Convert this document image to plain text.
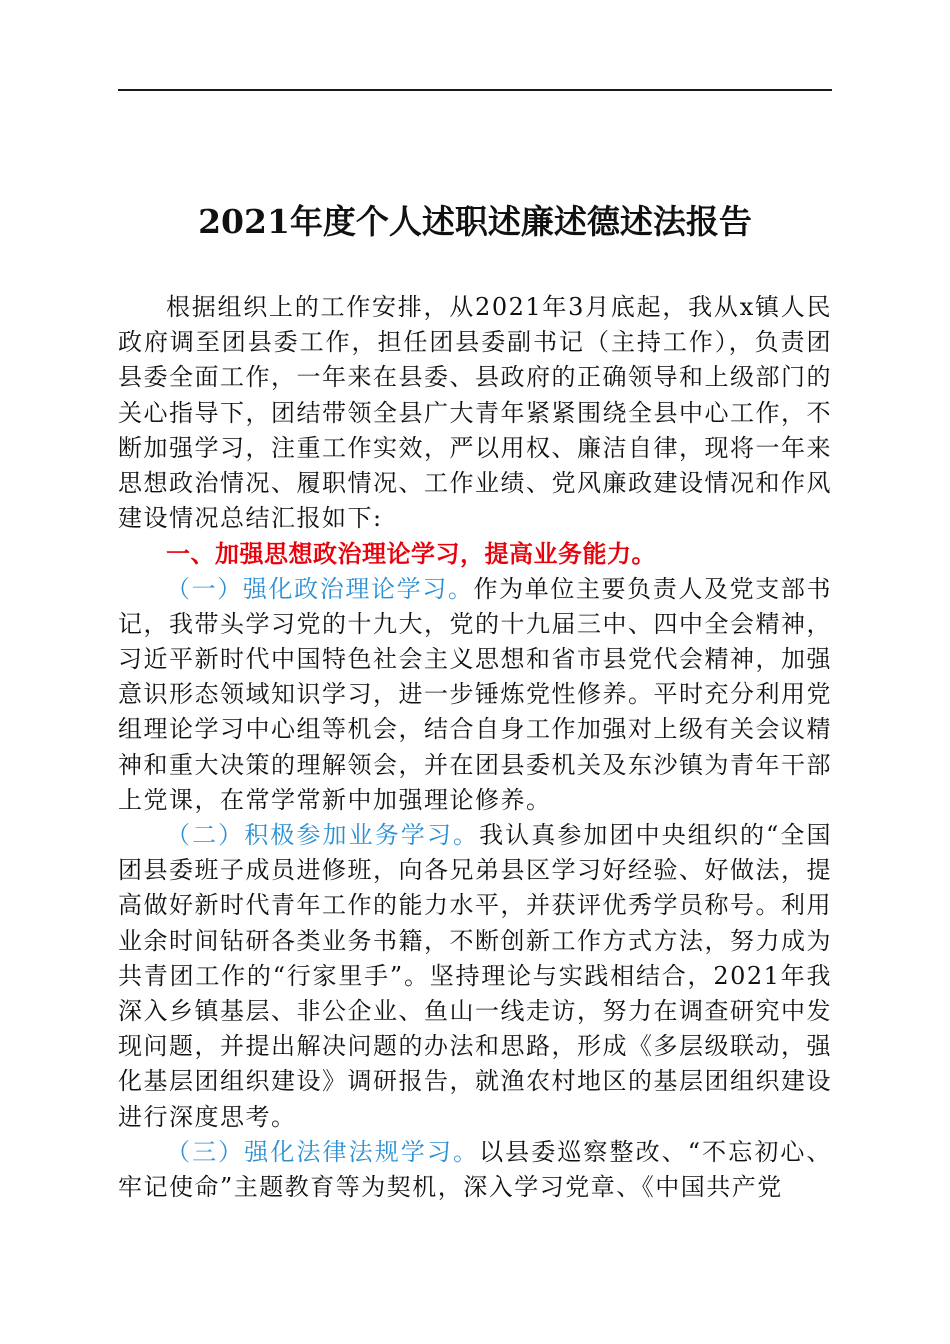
2021年度个人述职述廉述德述法报告

根据组织上的工作安排，从2021年3月底起，我从x镇人民政府调至团县委工作，担任团县委副书记（主持工作），负责团县委全面工作，一年来在县委、县政府的正确领导和上级部门的关心指导下，团结带领全县广大青年紧紧围绕全县中心工作，不断加强学习，注重工作实效，严以用权、廉洁自律，现将一年来思想政治情况、履职情况、工作业绩、党风廉政建设情况和作风建设情况总结汇报如下:

一、加强思想政治理论学习，提高业务能力。

（一）强化政治理论学习。作为单位主要负责人及党支部书记，我带头学习党的十九大，党的十九届三中、四中全会精神，习近平新时代中国特色社会主义思想和省市县党代会精神，加强意识形态领域知识学习，进一步锤炼党性修养。平时充分利用党组理论学习中心组等机会，结合自身工作加强对上级有关会议精神和重大决策的理解领会，并在团县委机关及东沙镇为青年干部上党课，在常学常新中加强理论修养。

（二）积极参加业务学习。我认真参加团中央组织的“全国团县委班子成员进修班，向各兄弟县区学习好经验、好做法，提高做好新时代青年工作的能力水平，并获评优秀学员称号。利用业余时间钻研各类业务书籍，不断创新工作方式方法，努力成为共青团工作的“行家里手”。坚持理论与实践相结合，2021年我深入乡镇基层、非公企业、鱼山一线走访，努力在调查研究中发现问题，并提出解决问题的办法和思路，形成《多层级联动，强化基层团组织建设》调研报告，就渔农村地区的基层团组织建设进行深度思考。

（三）强化法律法规学习。以县委巡察整改、“不忘初心、牢记使命”主题教育等为契机，深入学习党章、《中国共产党
